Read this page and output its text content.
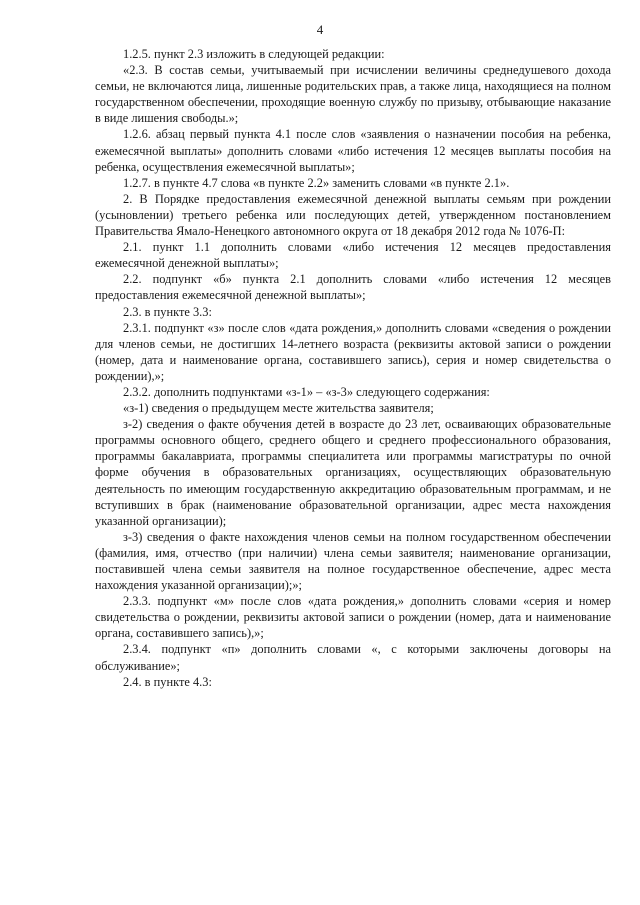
4

1.2.5. пункт 2.3 изложить в следующей редакции:

«2.3. В состав семьи, учитываемый при исчислении величины среднедушевого дохода семьи, не включаются лица, лишенные родительских прав, а также лица, находящиеся на полном государственном обеспечении, проходящие военную службу по призыву, отбывающие наказание в виде лишения свободы.»;

1.2.6. абзац первый пункта 4.1 после слов «заявления о назначении пособия на ребенка, ежемесячной выплаты» дополнить словами «либо истечения 12 месяцев выплаты пособия на ребенка, осуществления ежемесячной выплаты»;

1.2.7. в пункте 4.7 слова «в пункте 2.2» заменить словами «в пункте 2.1».

2. В Порядке предоставления ежемесячной денежной выплаты семьям при рождении (усыновлении) третьего ребенка или последующих детей, утвержденном постановлением Правительства Ямало-Ненецкого автономного округа от 18 декабря 2012 года № 1076-П:

2.1. пункт 1.1 дополнить словами «либо истечения 12 месяцев предоставления ежемесячной денежной выплаты»;

2.2. подпункт «б» пункта 2.1 дополнить словами «либо истечения 12 месяцев предоставления ежемесячной денежной выплаты»;

2.3. в пункте 3.3:

2.3.1. подпункт «з» после слов «дата рождения,» дополнить словами «сведения о рождении для членов семьи, не достигших 14-летнего возраста (реквизиты актовой записи о рождении (номер, дата и наименование органа, составившего запись), серия и номер свидетельства о рождении),»;

2.3.2. дополнить подпунктами «з-1» – «з-3» следующего содержания:

«з-1) сведения о предыдущем месте жительства заявителя;

з-2) сведения о факте обучения детей в возрасте до 23 лет, осваивающих образовательные программы основного общего, среднего общего и среднего профессионального образования, программы бакалавриата, программы специалитета или программы магистратуры по очной форме обучения в образовательных организациях, осуществляющих образовательную деятельность по имеющим государственную аккредитацию образовательным программам, и не вступивших в брак (наименование образовательной организации, адрес места нахождения указанной организации);

з-3) сведения о факте нахождения членов семьи на полном государственном обеспечении (фамилия, имя, отчество (при наличии) члена семьи заявителя; наименование организации, поставившей члена семьи заявителя на полное государственное обеспечение, адрес места нахождения указанной организации);»;

2.3.3. подпункт «м» после слов «дата рождения,» дополнить словами «серия и номер свидетельства о рождении, реквизиты актовой записи о рождении (номер, дата и наименование органа, составившего запись),»;

2.3.4. подпункт «п» дополнить словами «, с которыми заключены договоры на обслуживание»;

2.4. в пункте 4.3:
